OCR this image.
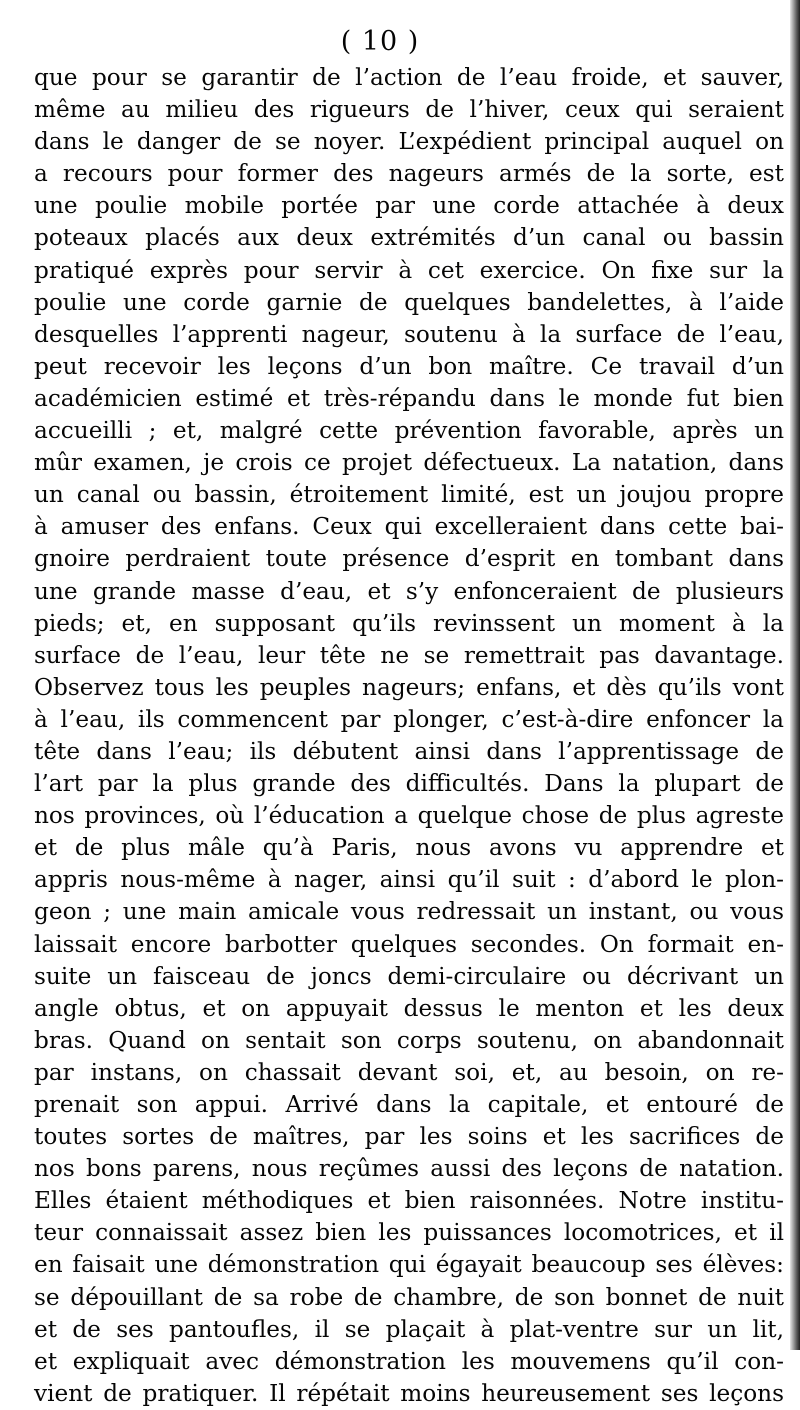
( 10 )
que pour se garantir de l’action de l’eau froide, et sauver,
même au milieu des rigueurs de l’hiver, ceux qui seraient
dans le danger de se noyer. L’expédient principal auquel on
a recours pour former des nageurs armés de la sorte, est
une poulie mobile portée par une corde attachée à deux
poteaux placés aux deux extrémités d’un canal ou bassin
pratiqué exprès pour servir à cet exercice. On fixe sur la
poulie une corde garnie de quelques bandelettes, à l’aide
desquelles l’apprenti nageur, soutenu à la surface de l’eau,
peut recevoir les leçons d’un bon maître. Ce travail d’un
académicien estimé et très-répandu dans le monde fut bien
accueilli ; et, malgré cette prévention favorable, après un
mûr examen, je crois ce projet défectueux. La natation, dans
un canal ou bassin, étroitement limité, est un joujou propre
à amuser des enfans. Ceux qui excelleraient dans cette bai-
gnoire perdraient toute présence d’esprit en tombant dans
une grande masse d’eau, et s’y enfonceraient de plusieurs
pieds; et, en supposant qu’ils revinssent un moment à la
surface de l’eau, leur tête ne se remettrait pas davantage.
Observez tous les peuples nageurs; enfans, et dès qu’ils vont
à l’eau, ils commencent par plonger, c’est-à-dire enfoncer la
tête dans l’eau; ils débutent ainsi dans l’apprentissage de
l’art par la plus grande des difficultés. Dans la plupart de
nos provinces, où l’éducation a quelque chose de plus agreste
et de plus mâle qu’à Paris, nous avons vu apprendre et
appris nous-même à nager, ainsi qu’il suit : d’abord le plon-
geon ; une main amicale vous redressait un instant, ou vous
laissait encore barbotter quelques secondes. On formait en-
suite un faisceau de joncs demi-circulaire ou décrivant un
angle obtus, et on appuyait dessus le menton et les deux
bras. Quand on sentait son corps soutenu, on abandonnait
par instans, on chassait devant soi, et, au besoin, on re-
prenait son appui. Arrivé dans la capitale, et entouré de
toutes sortes de maîtres, par les soins et les sacrifices de
nos bons parens, nous reçûmes aussi des leçons de natation.
Elles étaient méthodiques et bien raisonnées. Notre institu-
teur connaissait assez bien les puissances locomotrices, et il
en faisait une démonstration qui égayait beaucoup ses élèves:
se dépouillant de sa robe de chambre, de son bonnet de nuit
et de ses pantoufles, il se plaçait à plat-ventre sur un lit,
et expliquait avec démonstration les mouvemens qu’il con-
vient de pratiquer. Il répétait moins heureusement ses leçons
